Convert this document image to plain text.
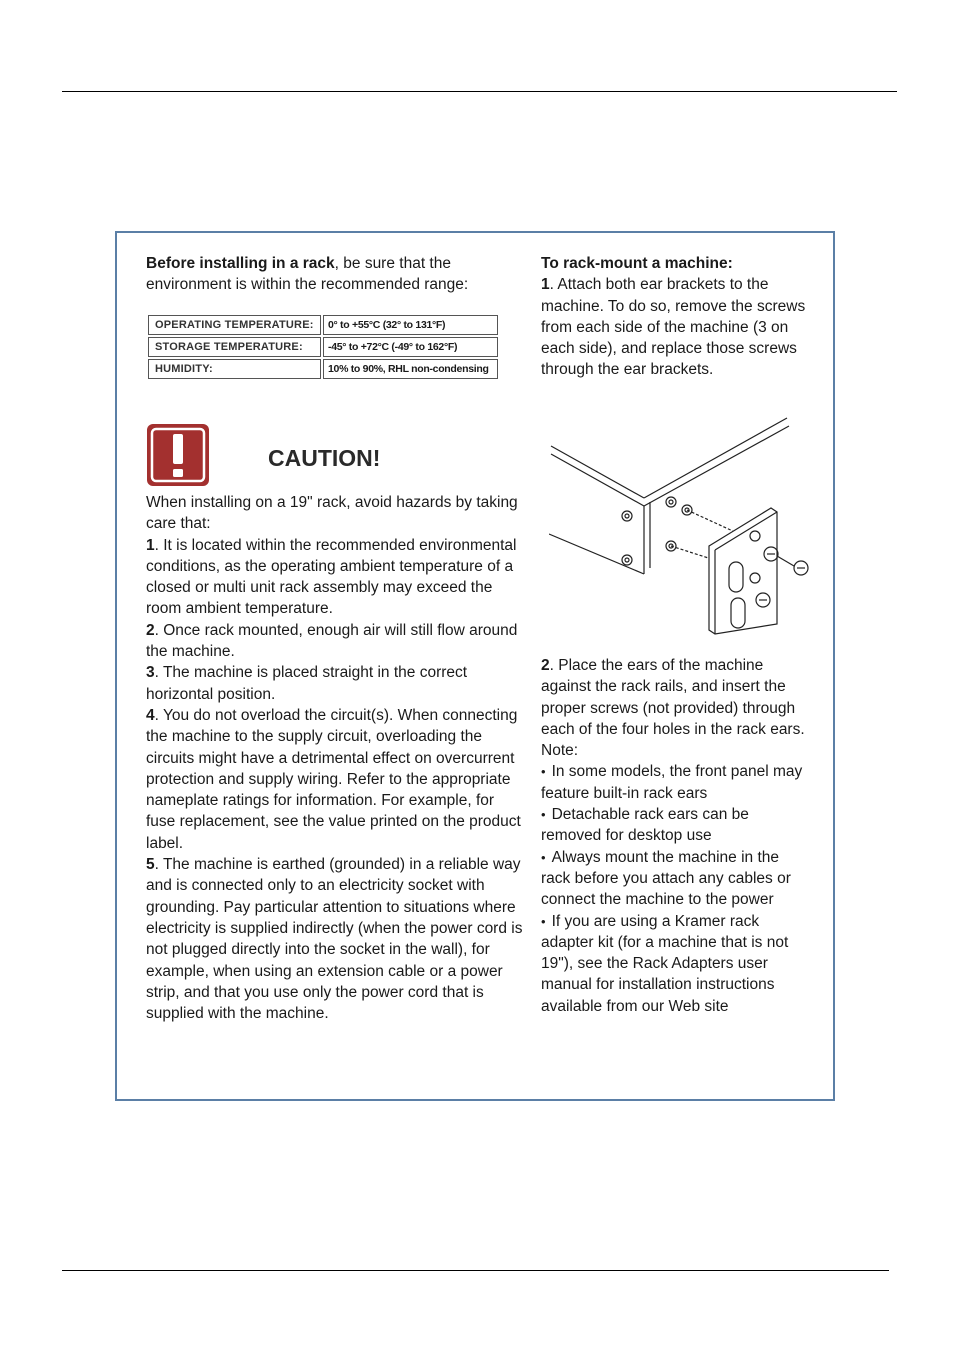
Before installing in a rack, be sure that the environment is within the recommended range:
OPERATING TEMPERATURE:	0° to +55°C (32° to 131°F)
STORAGE TEMPERATURE:	-45° to +72°C (-49° to 162°F)
HUMIDITY:	10% to 90%, RHL non-condensing
CAUTION!

When installing on a 19" rack, avoid hazards by taking care that:

1. It is located within the recommended environmental conditions, as the operating ambient temperature of a closed or multi unit rack assembly may exceed the room ambient temperature.

2. Once rack mounted, enough air will still flow around the machine.

3. The machine is placed straight in the correct horizontal position.

4. You do not overload the circuit(s). When connecting the machine to the supply circuit, overloading the circuits might have a detrimental effect on overcurrent protection and supply wiring. Refer to the appropriate nameplate ratings for information. For example, for fuse replacement, see the value printed on the product label.

5. The machine is earthed (grounded) in a reliable way and is connected only to an electricity socket with grounding. Pay particular attention to situations where electricity is supplied indirectly (when the power cord is not plugged directly into the socket in the wall), for example, when using an extension cable or a power strip, and that you use only the power cord that is supplied with the machine.

To rack-mount a machine:

1. Attach both ear brackets to the machine. To do so, remove the screws from each side of the machine (3 on each side), and replace those screws through the ear brackets.

2. Place the ears of the machine against the rack rails, and insert the proper screws (not provided) through each of the four holes in the rack ears.

Note:

• In some models, the front panel may feature built-in rack ears

• Detachable rack ears can be removed for desktop use

• Always mount the machine in the rack before you attach any cables or connect the machine to the power

• If you are using a Kramer rack adapter kit (for a machine that is not 19"), see the Rack Adapters user manual for installation instructions available from our Web site
